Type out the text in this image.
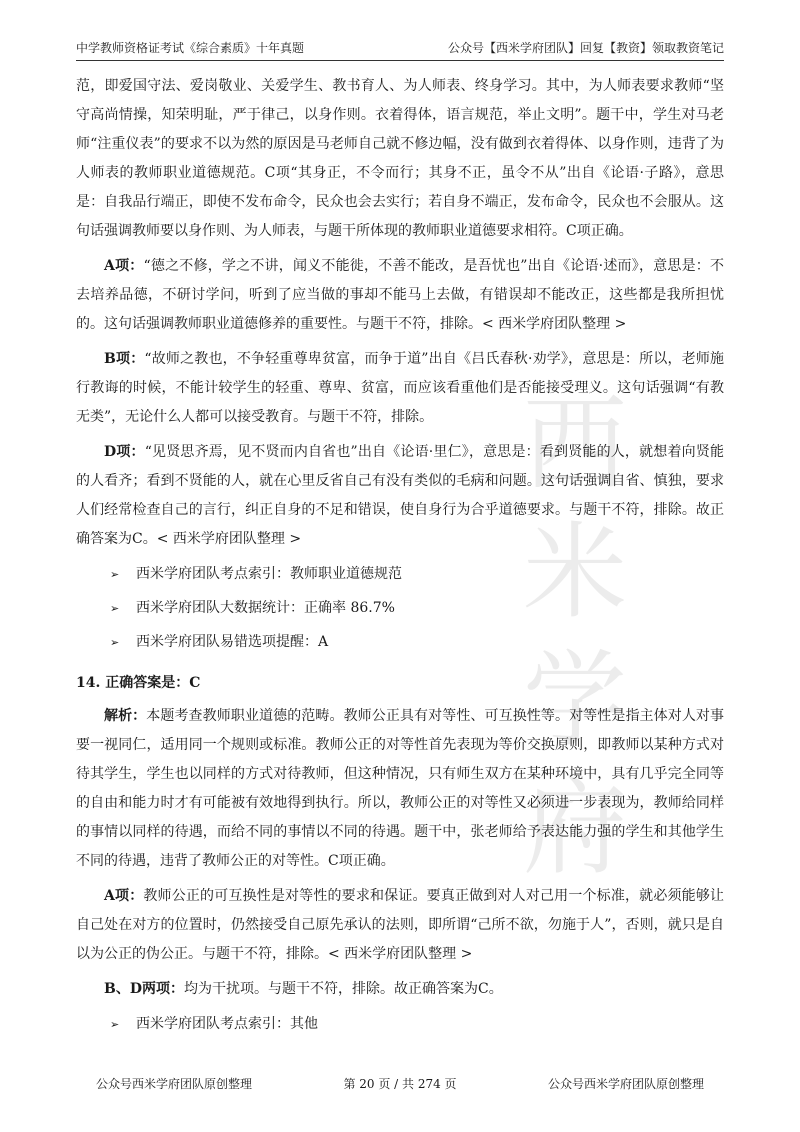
西米学府
中学教师资格证考试《综合素质》十年真题	公众号【西米学府团队】回复【教资】领取教资笔记

范，即爱国守法、爱岗敬业、关爱学生、教书育人、为人师表、终身学习。其中，为人师表要求教师“坚守高尚情操，知荣明耻，严于律己，以身作则。衣着得体，语言规范，举止文明”。题干中，学生对马老师“注重仪表”的要求不以为然的原因是马老师自己就不修边幅，没有做到衣着得体、以身作则，违背了为人师表的教师职业道德规范。C项“其身正，不令而行；其身不正，虽令不从”出自《论语·子路》，意思是：自我品行端正，即使不发布命令，民众也会去实行；若自身不端正，发布命令，民众也不会服从。这句话强调教师要以身作则、为人师表，与题干所体现的教师职业道德要求相符。C项正确。

A项：“德之不修，学之不讲，闻义不能徙，不善不能改，是吾忧也”出自《论语·述而》，意思是：不去培养品德，不研讨学问，听到了应当做的事却不能马上去做，有错误却不能改正，这些都是我所担忧的。这句话强调教师职业道德修养的重要性。与题干不符，排除。< 西米学府团队整理 >

B项：“故师之教也，不争轻重尊卑贫富，而争于道”出自《吕氏春秋·劝学》，意思是：所以，老师施行教诲的时候，不能计较学生的轻重、尊卑、贫富，而应该看重他们是否能接受理义。这句话强调“有教无类”，无论什么人都可以接受教育。与题干不符，排除。

D项：“见贤思齐焉，见不贤而内自省也”出自《论语·里仁》，意思是：看到贤能的人，就想着向贤能的人看齐；看到不贤能的人，就在心里反省自己有没有类似的毛病和问题。这句话强调自省、慎独，要求人们经常检查自己的言行，纠正自身的不足和错误，使自身行为合乎道德要求。与题干不符，排除。故正确答案为C。< 西米学府团队整理 >

➢	西米学府团队考点索引：教师职业道德规范
➢	西米学府团队大数据统计：正确率 86.7%
➢	西米学府团队易错选项提醒：A

14. 正确答案是：C

解析：本题考查教师职业道德的范畴。教师公正具有对等性、可互换性等。对等性是指主体对人对事要一视同仁，适用同一个规则或标准。教师公正的对等性首先表现为等价交换原则，即教师以某种方式对待其学生，学生也以同样的方式对待教师，但这种情况，只有师生双方在某种环境中，具有几乎完全同等的自由和能力时才有可能被有效地得到执行。所以，教师公正的对等性又必须进一步表现为，教师给同样的事情以同样的待遇，而给不同的事情以不同的待遇。题干中，张老师给予表达能力强的学生和其他学生不同的待遇，违背了教师公正的对等性。C项正确。

A项：教师公正的可互换性是对等性的要求和保证。要真正做到对人对己用一个标准，就必须能够让自己处在对方的位置时，仍然接受自己原先承认的法则，即所谓“己所不欲，勿施于人”，否则，就只是自以为公正的伪公正。与题干不符，排除。< 西米学府团队整理 >

B、D两项：均为干扰项。与题干不符，排除。故正确答案为C。

➢	西米学府团队考点索引：其他
公众号西米学府团队原创整理	第 20 页 / 共 274 页	公众号西米学府团队原创整理
